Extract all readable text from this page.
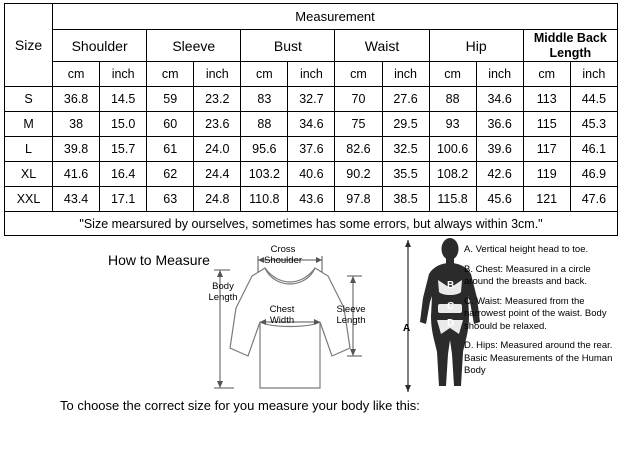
Size	Measurement											
	Shoulder		Sleeve		Bust		Waist		Hip		Middle Back Length	
	cm	inch	cm	inch	cm	inch	cm	inch	cm	inch	cm	inch
S	36.8	14.5	59	23.2	83	32.7	70	27.6	88	34.6	113	44.5
M	38	15.0	60	23.6	88	34.6	75	29.5	93	36.6	115	45.3
L	39.8	15.7	61	24.0	95.6	37.6	82.6	32.5	100.6	39.6	117	46.1
XL	41.6	16.4	62	24.4	103.2	40.6	90.2	35.5	108.2	42.6	119	46.9
XXL	43.4	17.1	63	24.8	110.8	43.6	97.8	38.5	115.8	45.6	121	47.6
"Size mearsured by ourselves, sometimes has some errors, but always within 3cm."												
How to Measure
Cross
Shoulder
Body
Length
Chest
Width
Sleeve
Length
A
B
C
D

A. Vertical height head to toe.

B. Chest: Measured in a circle around the breasts and back.

C. Waist: Measured from the narrowest point of the waist. Body shoould be relaxed.

D. Hips: Measured around the rear. Basic Measurements of the Human Body

To choose the correct size for you measure your body like this:
